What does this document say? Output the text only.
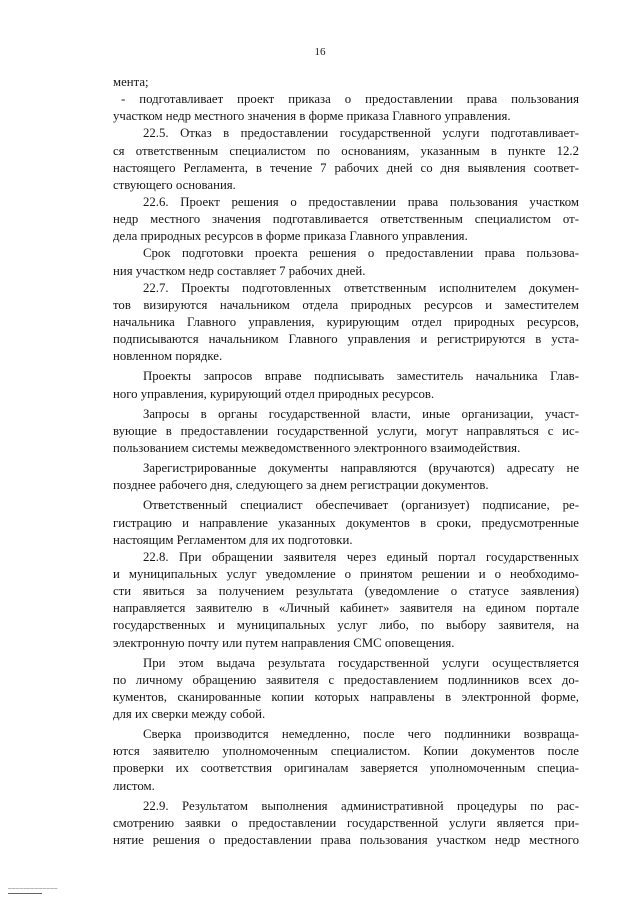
16
мента;
- подготавливает проект приказа о предоставлении права пользования
участком недр местного значения в форме приказа Главного управления.
22.5. Отказ в предоставлении государственной услуги подготавливает-
ся ответственным специалистом по основаниям, указанным в пункте 12.2
настоящего Регламента, в течение 7 рабочих дней со дня выявления соответ-
ствующего основания.
22.6. Проект решения о предоставлении права пользования участком
недр местного значения подготавливается ответственным специалистом от-
дела природных ресурсов в форме приказа Главного управления.
Срок подготовки проекта решения о предоставлении права пользова-
ния участком недр составляет 7 рабочих дней.
22.7. Проекты подготовленных ответственным исполнителем докумен-
тов визируются начальником отдела природных ресурсов и заместителем
начальника Главного управления, курирующим отдел природных ресурсов,
подписываются начальником Главного управления и регистрируются в уста-
новленном порядке.
Проекты запросов вправе подписывать заместитель начальника Глав-
ного управления, курирующий отдел природных ресурсов.
Запросы в органы государственной власти, иные организации, участ-
вующие в предоставлении государственной услуги, могут направляться с ис-
пользованием системы межведомственного электронного взаимодействия.
Зарегистрированные документы направляются (вручаются) адресату не
позднее рабочего дня, следующего за днем регистрации документов.
Ответственный специалист обеспечивает (организует) подписание, ре-
гистрацию и направление указанных документов в сроки, предусмотренные
настоящим Регламентом для их подготовки.
22.8. При обращении заявителя через единый портал государственных
и муниципальных услуг уведомление о принятом решении и о необходимо-
сти явиться за получением результата (уведомление о статусе заявления)
направляется заявителю в «Личный кабинет» заявителя на едином портале
государственных и муниципальных услуг либо, по выбору заявителя, на
электронную почту или путем направления СМС оповещения.
При этом выдача результата государственной услуги осуществляется
по личному обращению заявителя с предоставлением подлинников всех до-
кументов, сканированные копии которых направлены в электронной форме,
для их сверки между собой.
Сверка производится немедленно, после чего подлинники возвраща-
ются заявителю уполномоченным специалистом. Копии документов после
проверки их соответствия оригиналам заверяется уполномоченным специа-
листом.
22.9. Результатом выполнения административной процедуры по рас-
смотрению заявки о предоставлении государственной услуги является при-
нятие решения о предоставлении права пользования участком недр местного
_____________
